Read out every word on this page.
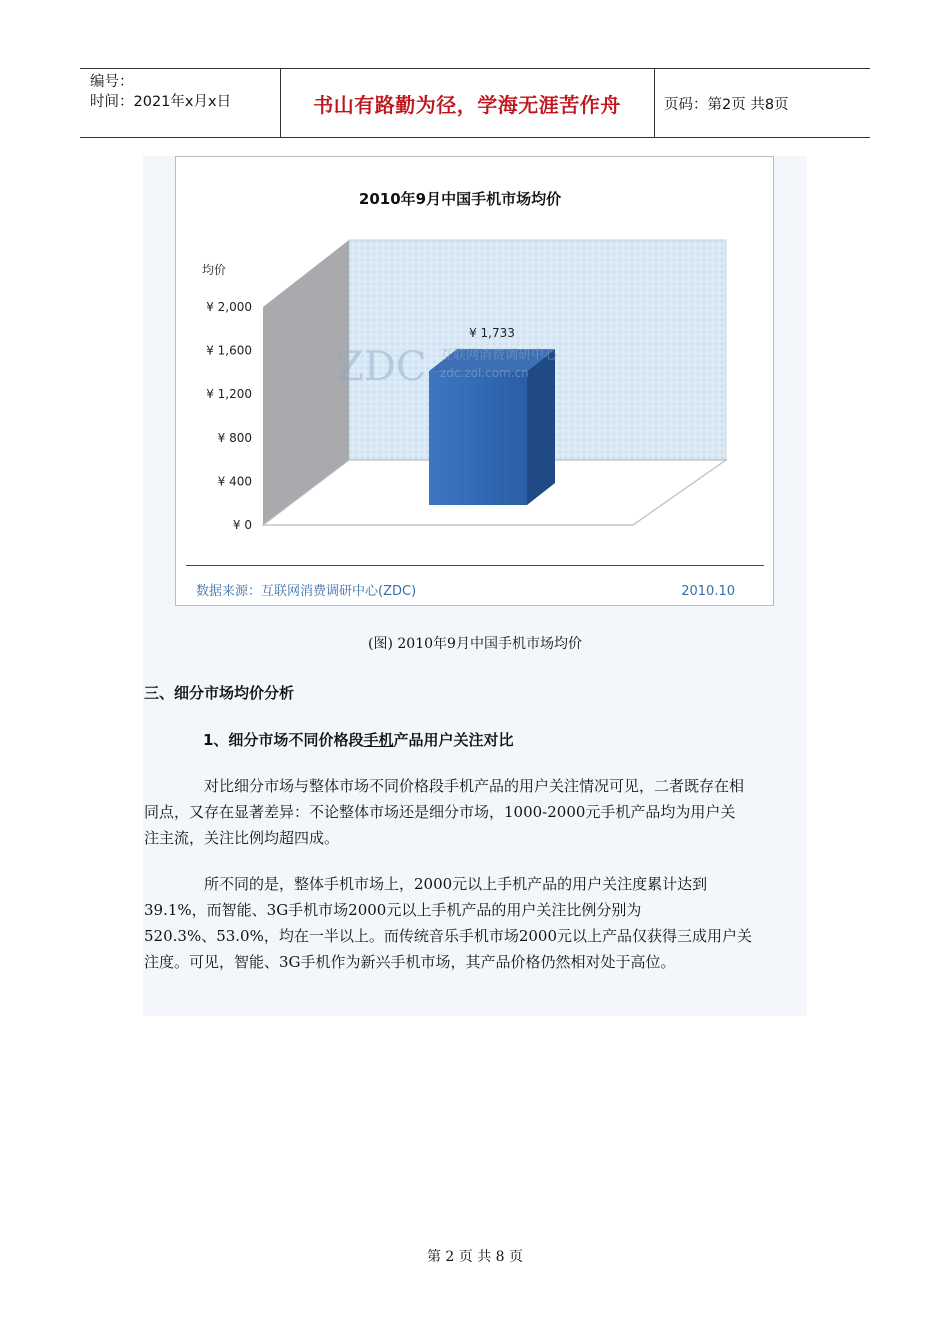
编号：
时间：2021年x月x日	书山有路勤为径，学海无涯苦作舟	页码：第2页 共8页
2010年9月中国手机市场均价
均价
¥ 0
¥ 400
¥ 800
¥ 1,200
¥ 1,600
¥ 2,000
¥ 1,733
ZDC 互联网消费调研中心
zdc.zol.com.cn
数据来源：互联网消费调研中心(ZDC)	2010.10
(图) 2010年9月中国手机市场均价
三、细分市场均价分析
1、细分市场不同价格段手机产品用户关注对比

对比细分市场与整体市场不同价格段手机产品的用户关注情况可见，二者既存在相

同点，又存在显著差异：不论整体市场还是细分市场，1000-2000元手机产品均为用户关

注主流，关注比例均超四成。

所不同的是，整体手机市场上，2000元以上手机产品的用户关注度累计达到

39.1%，而智能、3G手机市场2000元以上手机产品的用户关注比例分别为

520.3%、53.0%，均在一半以上。而传统音乐手机市场2000元以上产品仅获得三成用户关

注度。可见，智能、3G手机作为新兴手机市场，其产品价格仍然相对处于高位。

第 2 页 共 8 页
